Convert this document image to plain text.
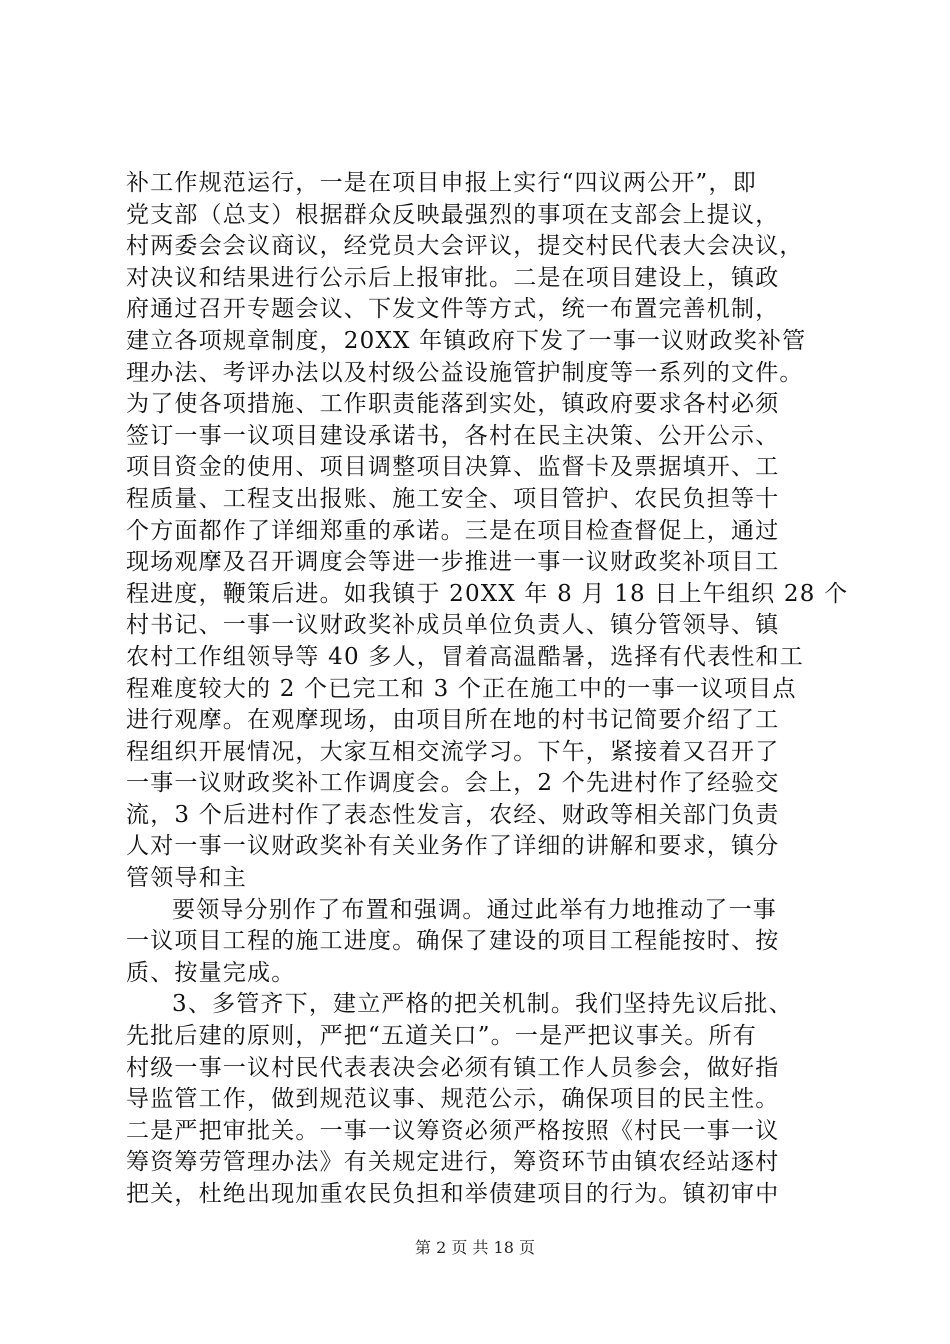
补工作规范运行，一是在项目申报上实行“四议两公开”，即
党支部（总支）根据群众反映最强烈的事项在支部会上提议，
村两委会会议商议，经党员大会评议，提交村民代表大会决议，
对决议和结果进行公示后上报审批。二是在项目建设上，镇政
府通过召开专题会议、下发文件等方式，统一布置完善机制，
建立各项规章制度，20XX 年镇政府下发了一事一议财政奖补管
理办法、考评办法以及村级公益设施管护制度等一系列的文件。
为了使各项措施、工作职责能落到实处，镇政府要求各村必须
签订一事一议项目建设承诺书，各村在民主决策、公开公示、
项目资金的使用、项目调整项目决算、监督卡及票据填开、工
程质量、工程支出报账、施工安全、项目管护、农民负担等十
个方面都作了详细郑重的承诺。三是在项目检查督促上，通过
现场观摩及召开调度会等进一步推进一事一议财政奖补项目工
程进度，鞭策后进。如我镇于 20XX 年 8 月 18 日上午组织 28 个
村书记、一事一议财政奖补成员单位负责人、镇分管领导、镇
农村工作组领导等 40 多人，冒着高温酷暑，选择有代表性和工
程难度较大的 2 个已完工和 3 个正在施工中的一事一议项目点
进行观摩。在观摩现场，由项目所在地的村书记简要介绍了工
程组织开展情况，大家互相交流学习。下午，紧接着又召开了
一事一议财政奖补工作调度会。会上，2 个先进村作了经验交
流，3 个后进村作了表态性发言，农经、财政等相关部门负责
人对一事一议财政奖补有关业务作了详细的讲解和要求，镇分
管领导和主
要领导分别作了布置和强调。通过此举有力地推动了一事
一议项目工程的施工进度。确保了建设的项目工程能按时、按
质、按量完成。
3、多管齐下，建立严格的把关机制。我们坚持先议后批、
先批后建的原则，严把“五道关口”。一是严把议事关。所有
村级一事一议村民代表表决会必须有镇工作人员参会，做好指
导监管工作，做到规范议事、规范公示，确保项目的民主性。
二是严把审批关。一事一议筹资必须严格按照《村民一事一议
筹资筹劳管理办法》有关规定进行，筹资环节由镇农经站逐村
把关，杜绝出现加重农民负担和举债建项目的行为。镇初审中
第 2 页 共 18 页
